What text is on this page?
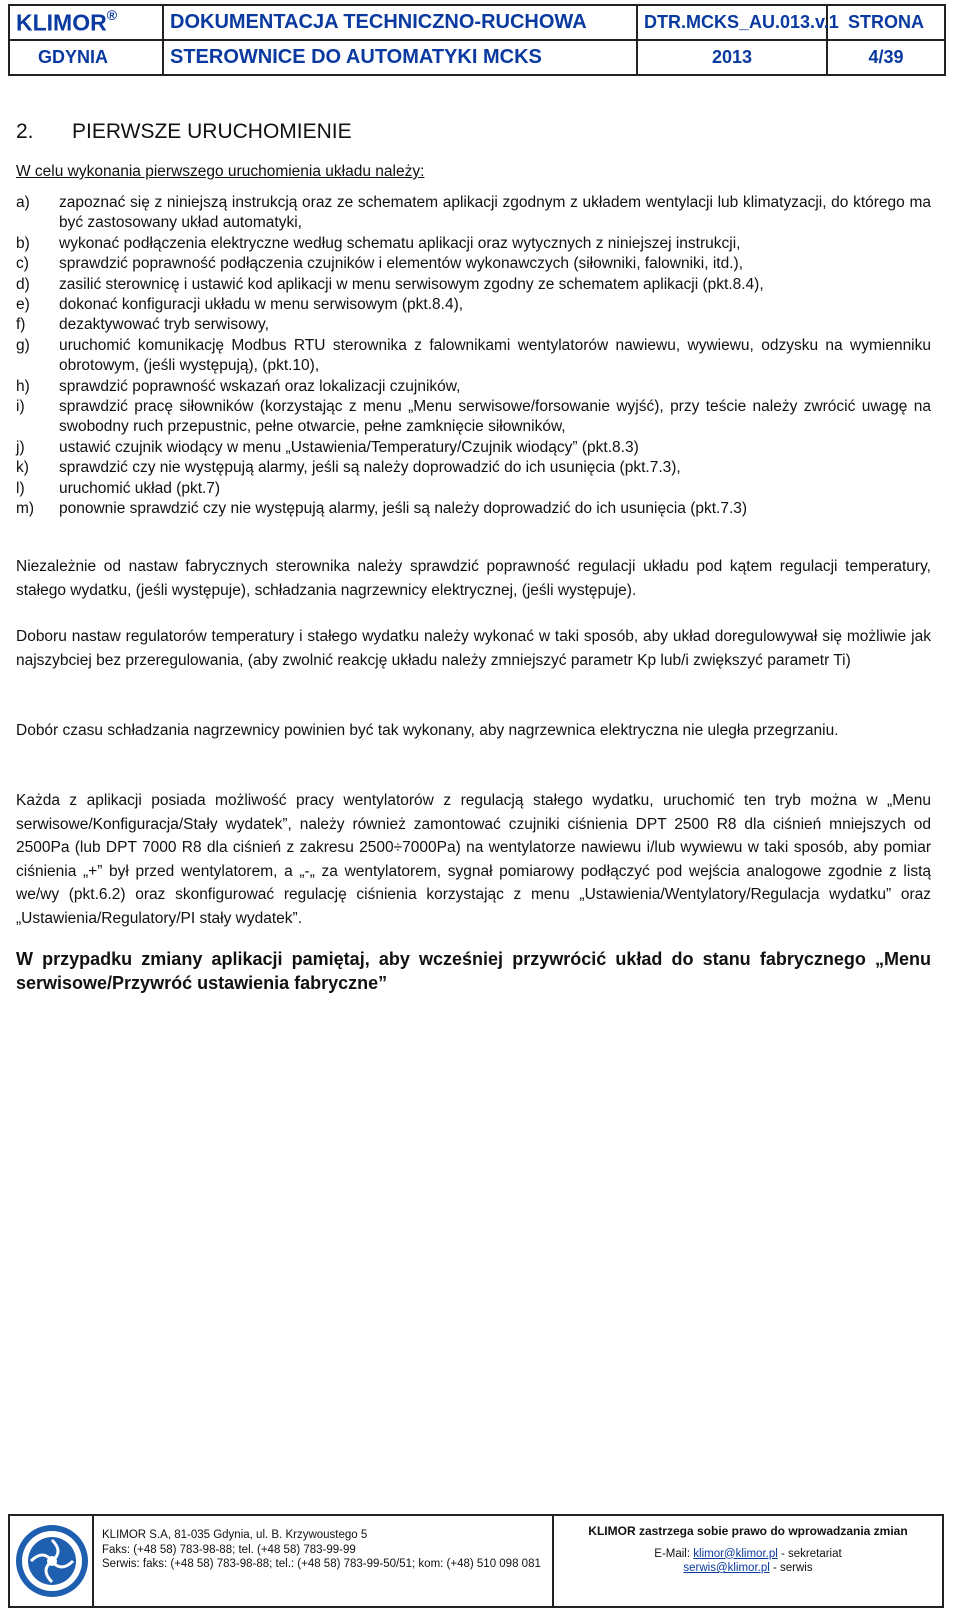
KLIMOR®	DOKUMENTACJA TECHNICZNO-RUCHOWA	DTR.MCKS_AU.013.v.1	STRONA
GDYNIA	STEROWNICE DO AUTOMATYKI MCKS	2013	4/39
2. PIERWSZE URUCHOMIENIE
W celu wykonania pierwszego uruchomienia układu należy:
a)	zapoznać się z niniejszą instrukcją oraz ze schematem aplikacji zgodnym z układem wentylacji lub klimatyzacji, do którego ma być zastosowany układ automatyki,
b)	wykonać podłączenia elektryczne według schematu aplikacji oraz wytycznych z niniejszej instrukcji,
c)	sprawdzić poprawność podłączenia czujników i elementów wykonawczych (siłowniki, falowniki, itd.),
d)	zasilić sterownicę i ustawić kod aplikacji w menu serwisowym zgodny ze schematem aplikacji (pkt.8.4),
e)	dokonać konfiguracji układu w menu serwisowym (pkt.8.4),
f)	dezaktywować tryb serwisowy,
g)	uruchomić komunikację Modbus RTU sterownika z falownikami wentylatorów nawiewu, wywiewu, odzysku na wymienniku obrotowym, (jeśli występują), (pkt.10),
h)	sprawdzić poprawność wskazań oraz lokalizacji czujników,
i)	sprawdzić pracę siłowników (korzystając z menu „Menu serwisowe/forsowanie wyjść), przy teście należy zwrócić uwagę na swobodny ruch przepustnic, pełne otwarcie, pełne zamknięcie siłowników,
j)	ustawić czujnik wiodący w menu „Ustawienia/Temperatury/Czujnik wiodący” (pkt.8.3)
k)	sprawdzić czy nie występują alarmy, jeśli są należy doprowadzić do ich usunięcia (pkt.7.3),
l)	uruchomić układ (pkt.7)
m)	ponownie sprawdzić czy nie występują alarmy, jeśli są należy doprowadzić do ich usunięcia (pkt.7.3)

Niezależnie od nastaw fabrycznych sterownika należy sprawdzić poprawność regulacji układu pod kątem regulacji temperatury, stałego wydatku, (jeśli występuje), schładzania nagrzewnicy elektrycznej, (jeśli występuje).

Doboru nastaw regulatorów temperatury i stałego wydatku należy wykonać w taki sposób, aby układ doregulowywał się możliwie jak najszybciej bez przeregulowania, (aby zwolnić reakcję układu należy zmniejszyć parametr Kp lub/i zwiększyć parametr Ti)

Dobór czasu schładzania nagrzewnicy powinien być tak wykonany, aby nagrzewnica elektryczna nie uległa przegrzaniu.

Każda z aplikacji posiada możliwość pracy wentylatorów z regulacją stałego wydatku, uruchomić ten tryb można w „Menu serwisowe/Konfiguracja/Stały wydatek”, należy również zamontować czujniki ciśnienia DPT 2500 R8 dla ciśnień mniejszych od 2500Pa (lub DPT 7000 R8 dla ciśnień z zakresu 2500÷7000Pa) na wentylatorze nawiewu i/lub wywiewu w taki sposób, aby pomiar ciśnienia „+” był przed wentylatorem, a „-„ za wentylatorem, sygnał pomiarowy podłączyć pod wejścia analogowe zgodnie z listą we/wy (pkt.6.2) oraz skonfigurować regulację ciśnienia korzystając z menu „Ustawienia/Wentylatory/Regulacja wydatku” oraz „Ustawienia/Regulatory/PI stały wydatek”.

W przypadku zmiany aplikacji pamiętaj, aby wcześniej przywrócić układ do stanu fabrycznego „Menu serwisowe/Przywróć ustawienia fabryczne”

KLIMOR S.A, 81-035 Gdynia, ul. B. Krzywoustego 5
Faks: (+48 58) 783-98-88; tel. (+48 58) 783-99-99
Serwis: faks: (+48 58) 783-98-88; tel.: (+48 58) 783-99-50/51; kom: (+48) 510 098 081
KLIMOR zastrzega sobie prawo do wprowadzania zmian
E-Mail: klimor@klimor.pl - sekretariat
serwis@klimor.pl - serwis
